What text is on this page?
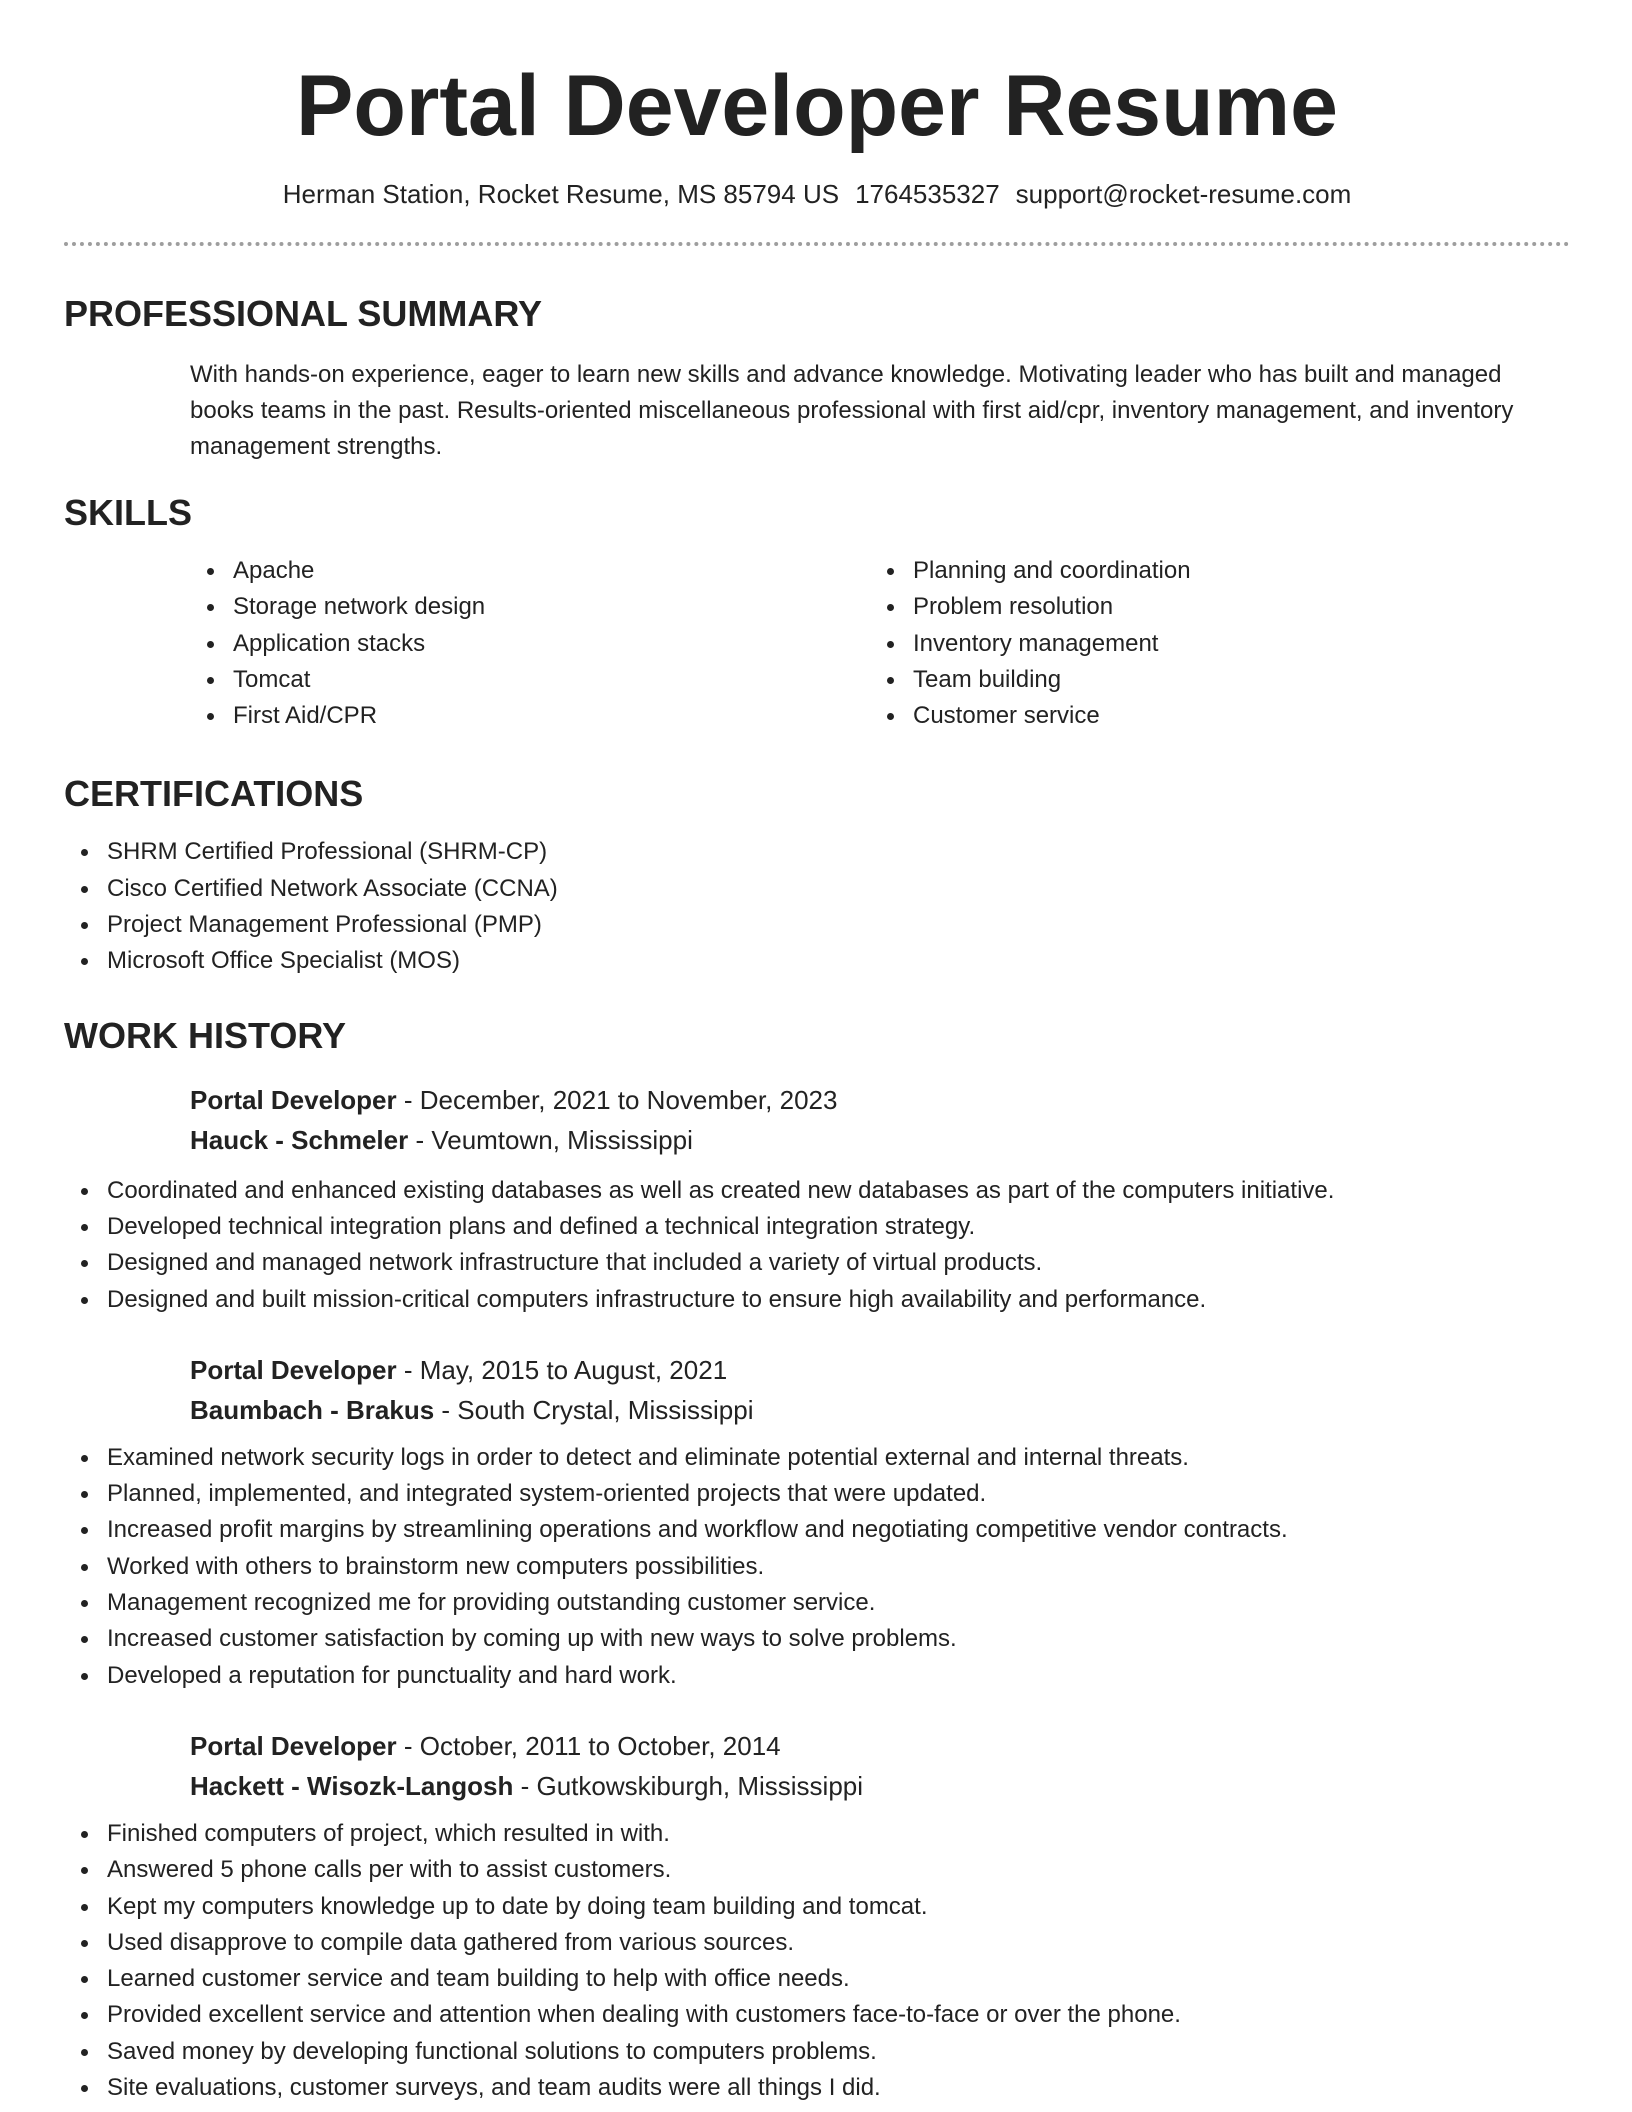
Portal Developer Resume
Herman Station, Rocket Resume, MS 85794 US 1764535327 support@rocket-resume.com
PROFESSIONAL SUMMARY

With hands-on experience, eager to learn new skills and advance knowledge. Motivating leader who has built and managed books teams in the past. Results-oriented miscellaneous professional with first aid/cpr, inventory management, and inventory management strengths.

SKILLS
Apache
Storage network design
Application stacks
Tomcat
First Aid/CPR
Planning and coordination
Problem resolution
Inventory management
Team building
Customer service
CERTIFICATIONS
SHRM Certified Professional (SHRM-CP)
Cisco Certified Network Associate (CCNA)
Project Management Professional (PMP)
Microsoft Office Specialist (MOS)
WORK HISTORY
Portal Developer - December, 2021 to November, 2023
Hauck - Schmeler - Veumtown, Mississippi
Coordinated and enhanced existing databases as well as created new databases as part of the computers initiative.
Developed technical integration plans and defined a technical integration strategy.
Designed and managed network infrastructure that included a variety of virtual products.
Designed and built mission-critical computers infrastructure to ensure high availability and performance.
Portal Developer - May, 2015 to August, 2021
Baumbach - Brakus - South Crystal, Mississippi
Examined network security logs in order to detect and eliminate potential external and internal threats.
Planned, implemented, and integrated system-oriented projects that were updated.
Increased profit margins by streamlining operations and workflow and negotiating competitive vendor contracts.
Worked with others to brainstorm new computers possibilities.
Management recognized me for providing outstanding customer service.
Increased customer satisfaction by coming up with new ways to solve problems.
Developed a reputation for punctuality and hard work.
Portal Developer - October, 2011 to October, 2014
Hackett - Wisozk-Langosh - Gutkowskiburgh, Mississippi
Finished computers of project, which resulted in with.
Answered 5 phone calls per with to assist customers.
Kept my computers knowledge up to date by doing team building and tomcat.
Used disapprove to compile data gathered from various sources.
Learned customer service and team building to help with office needs.
Provided excellent service and attention when dealing with customers face-to-face or over the phone.
Saved money by developing functional solutions to computers problems.
Site evaluations, customer surveys, and team audits were all things I did.
